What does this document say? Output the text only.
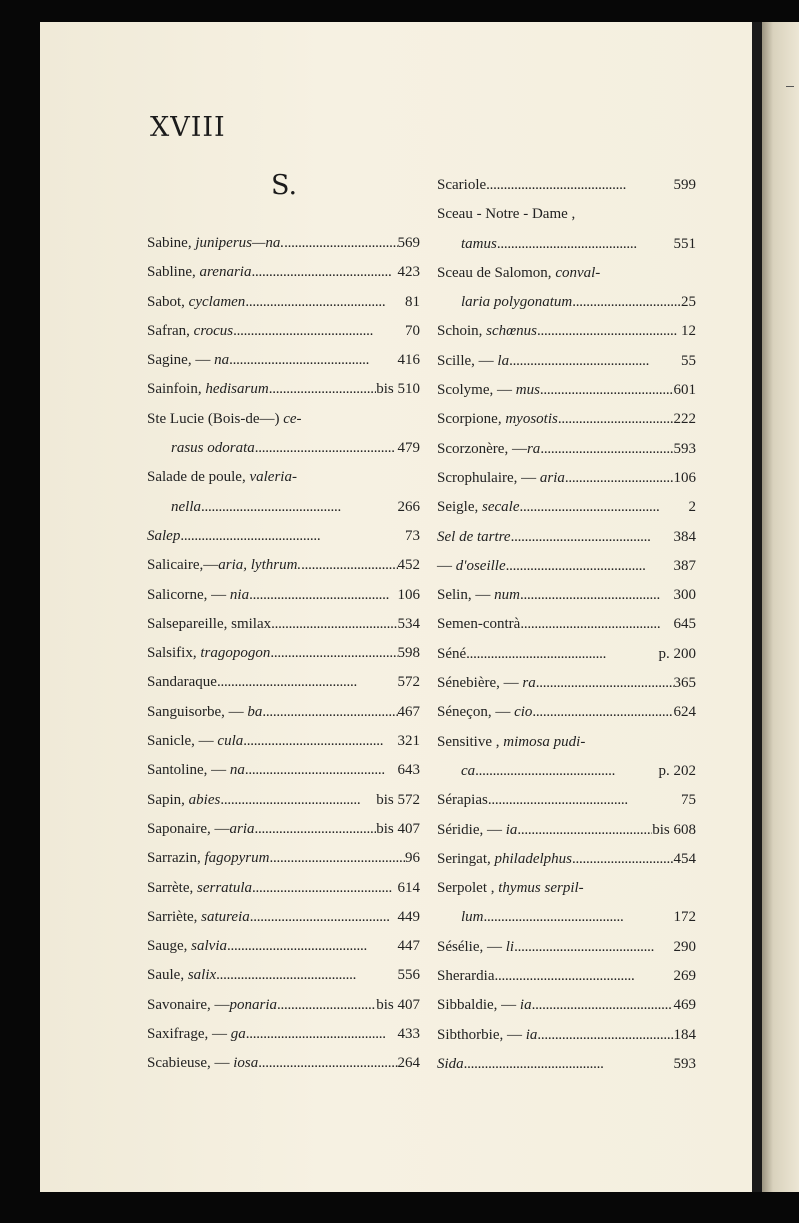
XVIII
S.
Sabine, juniperus—na. . . .	569
Sabline, arenaria . . .	423
Sabot, cyclamen . . .	81
Safran, crocus . . .	70
Sagine, — na . . .	416
Sainfoin, hedisarum . . .	bis 510
Ste Lucie (Bois-de—) ce-
rasus odorata . . .	479
Salade de poule, valeria-
nella . . .	266
Salep . . .	73
Salicaire,—aria, lythrum. . . .	452
Salicorne, — nia . . .	106
Salsepareille, smilax . . .	534
Salsifix, tragopogon . . .	598
Sandaraque . . .	572
Sanguisorbe, — ba . . .	467
Sanicle, — cula . . .	321
Santoline, — na . . .	643
Sapin, abies . . .	bis 572
Saponaire, —aria . . .	bis 407
Sarrazin, fagopyrum . . .	96
Sarrète, serratula . . .	614
Sarriète, satureia . . .	449
Sauge, salvia . . .	447
Saule, salix . . .	556
Savonaire, —ponaria . . .	bis 407
Saxifrage, — ga . . .	433
Scabieuse, — iosa . . .	264
Scariole . . .	599
Sceau - Notre - Dame ,
tamus . . .	551
Sceau de Salomon, conval-
laria polygonatum . . .	25
Schoin, schœnus . . .	12
Scille, — la . . .	55
Scolyme, — mus . . .	601
Scorpione, myosotis . . .	222
Scorzonère, —ra . . .	593
Scrophulaire, — aria . . .	106
Seigle, secale . . .	2
Sel de tartre . . .	384
— d'oseille . . .	387
Selin, — num . . .	300
Semen-contrà . . .	645
Séné . . .	p. 200
Sénebière, — ra . . .	365
Séneçon, — cio . . .	624
Sensitive , mimosa pudi-
ca . . .	p. 202
Sérapias . . .	75
Séridie, — ia . . .	bis 608
Seringat, philadelphus . . .	454
Serpolet , thymus serpil-
lum . . .	172
Sésélie, — li . . .	290
Sherardia . . .	269
Sibbaldie, — ia . . .	469
Sibthorbie, — ia . . .	184
Sida . . .	593
